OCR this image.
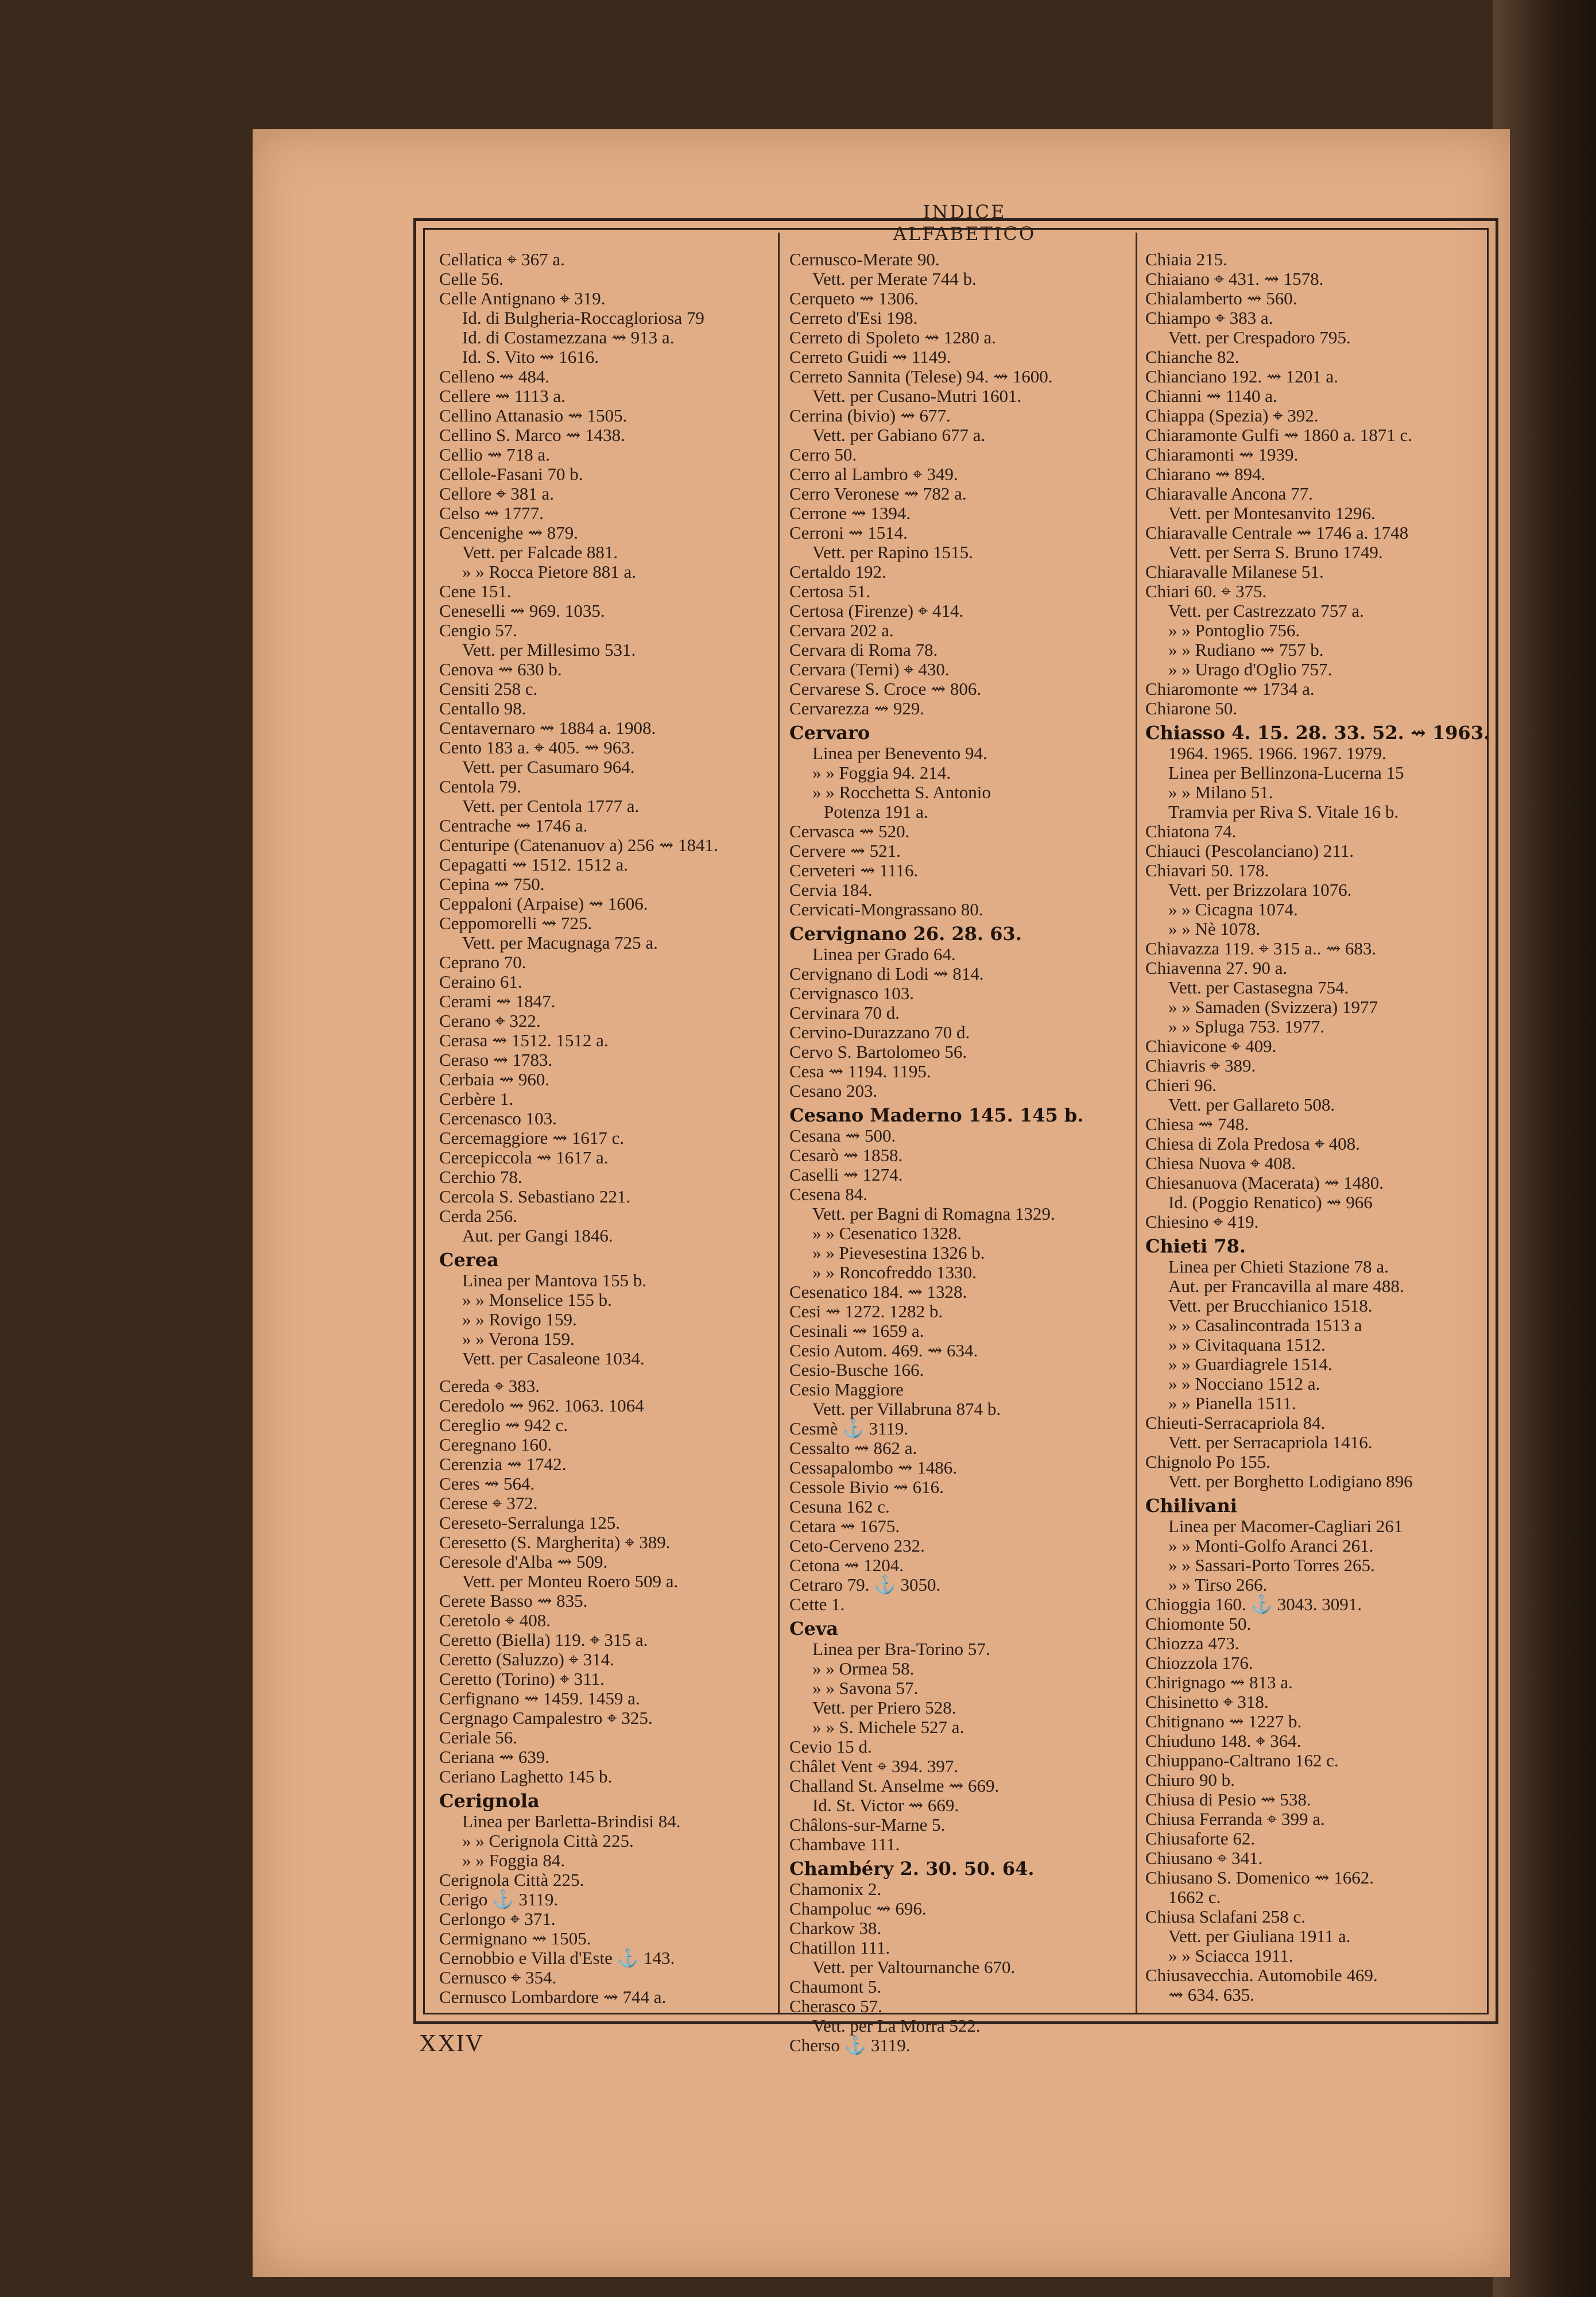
INDICE ALFABETICO
Cellatica ⌖ 367 a.
Celle 56.
Celle Antignano ⌖ 319.
Id. di Bulgheria-Roccagloriosa 79
Id. di Costamezzana ⇝ 913 a.
Id. S. Vito ⇝ 1616.
Celleno ⇝ 484.
Cellere ⇝ 1113 a.
Cellino Attanasio ⇝ 1505.
Cellino S. Marco ⇝ 1438.
Cellio ⇝ 718 a.
Cellole-Fasani 70 b.
Cellore ⌖ 381 a.
Celso ⇝ 1777.
Cencenighe ⇝ 879.
Vett. per Falcade 881.
» » Rocca Pietore 881 a.
Cene 151.
Ceneselli ⇝ 969. 1035.
Cengio 57.
Vett. per Millesimo 531.
Cenova ⇝ 630 b.
Censiti 258 c.
Centallo 98.
Centavernaro ⇝ 1884 a. 1908.
Cento 183 a. ⌖ 405. ⇝ 963.
Vett. per Casumaro 964.
Centola 79.
Vett. per Centola 1777 a.
Centrache ⇝ 1746 a.
Centuripe (Catenanuov a) 256 ⇝ 1841.
Cepagatti ⇝ 1512. 1512 a.
Cepina ⇝ 750.
Ceppaloni (Arpaise) ⇝ 1606.
Ceppomorelli ⇝ 725.
Vett. per Macugnaga 725 a.
Ceprano 70.
Ceraino 61.
Cerami ⇝ 1847.
Cerano ⌖ 322.
Cerasa ⇝ 1512. 1512 a.
Ceraso ⇝ 1783.
Cerbaia ⇝ 960.
Cerbère 1.
Cercenasco 103.
Cercemaggiore ⇝ 1617 c.
Cercepiccola ⇝ 1617 a.
Cerchio 78.
Cercola S. Sebastiano 221.
Cerda 256.
Aut. per Gangi 1846.
Cerea
Linea per Mantova 155 b.
» » Monselice 155 b.
» » Rovigo 159.
» » Verona 159.
Vett. per Casaleone 1034.
Cereda ⌖ 383.
Ceredolo ⇝ 962. 1063. 1064
Cereglio ⇝ 942 c.
Ceregnano 160.
Cerenzia ⇝ 1742.
Ceres ⇝ 564.
Cerese ⌖ 372.
Cereseto-Serralunga 125.
Ceresetto (S. Margherita) ⌖ 389.
Ceresole d'Alba ⇝ 509.
Vett. per Monteu Roero 509 a.
Cerete Basso ⇝ 835.
Ceretolo ⌖ 408.
Ceretto (Biella) 119. ⌖ 315 a.
Ceretto (Saluzzo) ⌖ 314.
Ceretto (Torino) ⌖ 311.
Cerfignano ⇝ 1459. 1459 a.
Cergnago Campalestro ⌖ 325.
Ceriale 56.
Ceriana ⇝ 639.
Ceriano Laghetto 145 b.
Cerignola
Linea per Barletta-Brindisi 84.
» » Cerignola Città 225.
» » Foggia 84.
Cerignola Città 225.
Cerigo ⚓ 3119.
Cerlongo ⌖ 371.
Cermignano ⇝ 1505.
Cernobbio e Villa d'Este ⚓ 143.
Cernusco ⌖ 354.
Cernusco Lombardore ⇝ 744 a.
Cernusco-Merate 90.
Vett. per Merate 744 b.
Cerqueto ⇝ 1306.
Cerreto d'Esi 198.
Cerreto di Spoleto ⇝ 1280 a.
Cerreto Guidi ⇝ 1149.
Cerreto Sannita (Telese) 94. ⇝ 1600.
Vett. per Cusano-Mutri 1601.
Cerrina (bivio) ⇝ 677.
Vett. per Gabiano 677 a.
Cerro 50.
Cerro al Lambro ⌖ 349.
Cerro Veronese ⇝ 782 a.
Cerrone ⇝ 1394.
Cerroni ⇝ 1514.
Vett. per Rapino 1515.
Certaldo 192.
Certosa 51.
Certosa (Firenze) ⌖ 414.
Cervara 202 a.
Cervara di Roma 78.
Cervara (Terni) ⌖ 430.
Cervarese S. Croce ⇝ 806.
Cervarezza ⇝ 929.
Cervaro
Linea per Benevento 94.
» » Foggia 94. 214.
» » Rocchetta S. Antonio
Potenza 191 a.
Cervasca ⇝ 520.
Cervere ⇝ 521.
Cerveteri ⇝ 1116.
Cervia 184.
Cervicati-Mongrassano 80.
Cervignano 26. 28. 63.
Linea per Grado 64.
Cervignano di Lodi ⇝ 814.
Cervignasco 103.
Cervinara 70 d.
Cervino-Durazzano 70 d.
Cervo S. Bartolomeo 56.
Cesa ⇝ 1194. 1195.
Cesano 203.
Cesano Maderno 145. 145 b.
Cesana ⇝ 500.
Cesarò ⇝ 1858.
Caselli ⇝ 1274.
Cesena 84.
Vett. per Bagni di Romagna 1329.
» » Cesenatico 1328.
» » Pievesestina 1326 b.
» » Roncofreddo 1330.
Cesenatico 184. ⇝ 1328.
Cesi ⇝ 1272. 1282 b.
Cesinali ⇝ 1659 a.
Cesio Autom. 469. ⇝ 634.
Cesio-Busche 166.
Cesio Maggiore
Vett. per Villabruna 874 b.
Cesmè ⚓ 3119.
Cessalto ⇝ 862 a.
Cessapalombo ⇝ 1486.
Cessole Bivio ⇝ 616.
Cesuna 162 c.
Cetara ⇝ 1675.
Ceto-Cerveno 232.
Cetona ⇝ 1204.
Cetraro 79. ⚓ 3050.
Cette 1.
Ceva
Linea per Bra-Torino 57.
» » Ormea 58.
» » Savona 57.
Vett. per Priero 528.
» » S. Michele 527 a.
Cevio 15 d.
Châlet Vent ⌖ 394. 397.
Challand St. Anselme ⇝ 669.
Id. St. Victor ⇝ 669.
Châlons-sur-Marne 5.
Chambave 111.
Chambéry 2. 30. 50. 64.
Chamonix 2.
Champoluc ⇝ 696.
Charkow 38.
Chatillon 111.
Vett. per Valtournanche 670.
Chaumont 5.
Cherasco 57.
Vett. per La Morra 522.
Cherso ⚓ 3119.
Chiaia 215.
Chiaiano ⌖ 431. ⇝ 1578.
Chialamberto ⇝ 560.
Chiampo ⌖ 383 a.
Vett. per Crespadoro 795.
Chianche 82.
Chianciano 192. ⇝ 1201 a.
Chianni ⇝ 1140 a.
Chiappa (Spezia) ⌖ 392.
Chiaramonte Gulfi ⇝ 1860 a. 1871 c.
Chiaramonti ⇝ 1939.
Chiarano ⇝ 894.
Chiaravalle Ancona 77.
Vett. per Montesanvito 1296.
Chiaravalle Centrale ⇝ 1746 a. 1748
Vett. per Serra S. Bruno 1749.
Chiaravalle Milanese 51.
Chiari 60. ⌖ 375.
Vett. per Castrezzato 757 a.
» » Pontoglio 756.
» » Rudiano ⇝ 757 b.
» » Urago d'Oglio 757.
Chiaromonte ⇝ 1734 a.
Chiarone 50.
Chiasso 4. 15. 28. 33. 52. ⇝ 1963.
1964. 1965. 1966. 1967. 1979.
Linea per Bellinzona-Lucerna 15
» » Milano 51.
Tramvia per Riva S. Vitale 16 b.
Chiatona 74.
Chiauci (Pescolanciano) 211.
Chiavari 50. 178.
Vett. per Brizzolara 1076.
» » Cicagna 1074.
» » Nè 1078.
Chiavazza 119. ⌖ 315 a.. ⇝ 683.
Chiavenna 27. 90 a.
Vett. per Castasegna 754.
» » Samaden (Svizzera) 1977
» » Spluga 753. 1977.
Chiavicone ⌖ 409.
Chiavris ⌖ 389.
Chieri 96.
Vett. per Gallareto 508.
Chiesa ⇝ 748.
Chiesa di Zola Predosa ⌖ 408.
Chiesa Nuova ⌖ 408.
Chiesanuova (Macerata) ⇝ 1480.
Id. (Poggio Renatico) ⇝ 966
Chiesino ⌖ 419.
Chieti 78.
Linea per Chieti Stazione 78 a.
Aut. per Francavilla al mare 488.
Vett. per Brucchianico 1518.
» » Casalincontrada 1513 a
» » Civitaquana 1512.
» » Guardiagrele 1514.
» » Nocciano 1512 a.
» » Pianella 1511.
Chieuti-Serracapriola 84.
Vett. per Serracapriola 1416.
Chignolo Po 155.
Vett. per Borghetto Lodigiano 896
Chilivani
Linea per Macomer-Cagliari 261
» » Monti-Golfo Aranci 261.
» » Sassari-Porto Torres 265.
» » Tirso 266.
Chioggia 160. ⚓ 3043. 3091.
Chiomonte 50.
Chiozza 473.
Chiozzola 176.
Chirignago ⇝ 813 a.
Chisinetto ⌖ 318.
Chitignano ⇝ 1227 b.
Chiuduno 148. ⌖ 364.
Chiuppano-Caltrano 162 c.
Chiuro 90 b.
Chiusa di Pesio ⇝ 538.
Chiusa Ferranda ⌖ 399 a.
Chiusaforte 62.
Chiusano ⌖ 341.
Chiusano S. Domenico ⇝ 1662.
1662 c.
Chiusa Sclafani 258 c.
Vett. per Giuliana 1911 a.
» » Sciacca 1911.
Chiusavecchia. Automobile 469.
⇝ 634. 635.
XXIV
